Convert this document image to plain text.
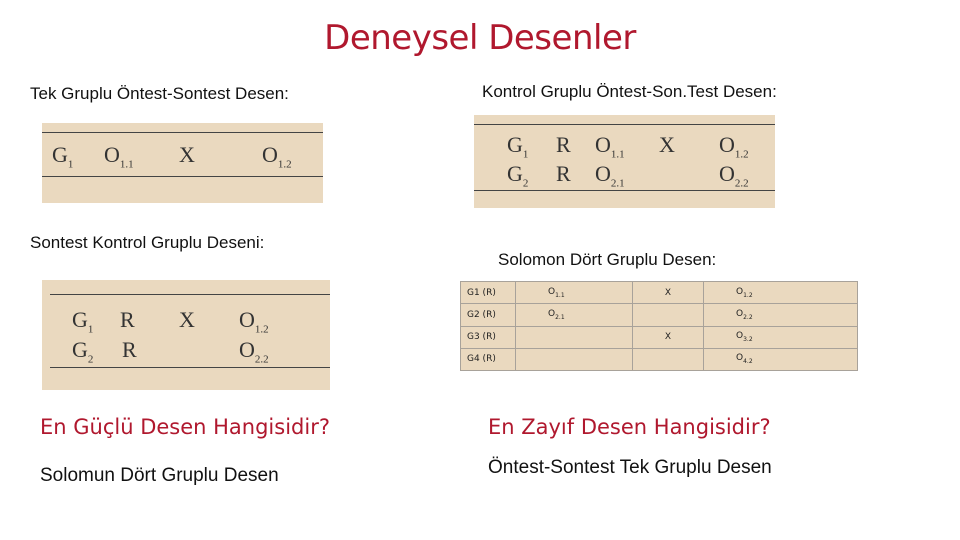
Deneysel Desenler
Tek Gruplu Öntest-Sontest Desen:
$G_1$ $O_{1.1}$ X	$O_{1.2}$
Kontrol Gruplu Öntest-Son.Test Desen:
$G_1$ R $O_{1.1}$ X $O_{1.2}$
$G_2$ R $O_{2.1}$	$O_{2.2}$
Sontest Kontrol Gruplu Deseni:
$G_1$ R X $O_{1.2}$
$G_2$ R	$O_{2.2}$
Solomon Dört Gruplu Desen:
G1 (R)	$O_{1.1}$	X	$O_{1.2}$
G2 (R)	$O_{2.1}$		$O_{2.2}$
G3 (R)		X	$O_{3.2}$
G4 (R)			$O_{4.2}$
En Güçlü Desen Hangisidir?
Solomun Dört Gruplu Desen
En Zayıf Desen Hangisidir?
Öntest-Sontest Tek Gruplu Desen
